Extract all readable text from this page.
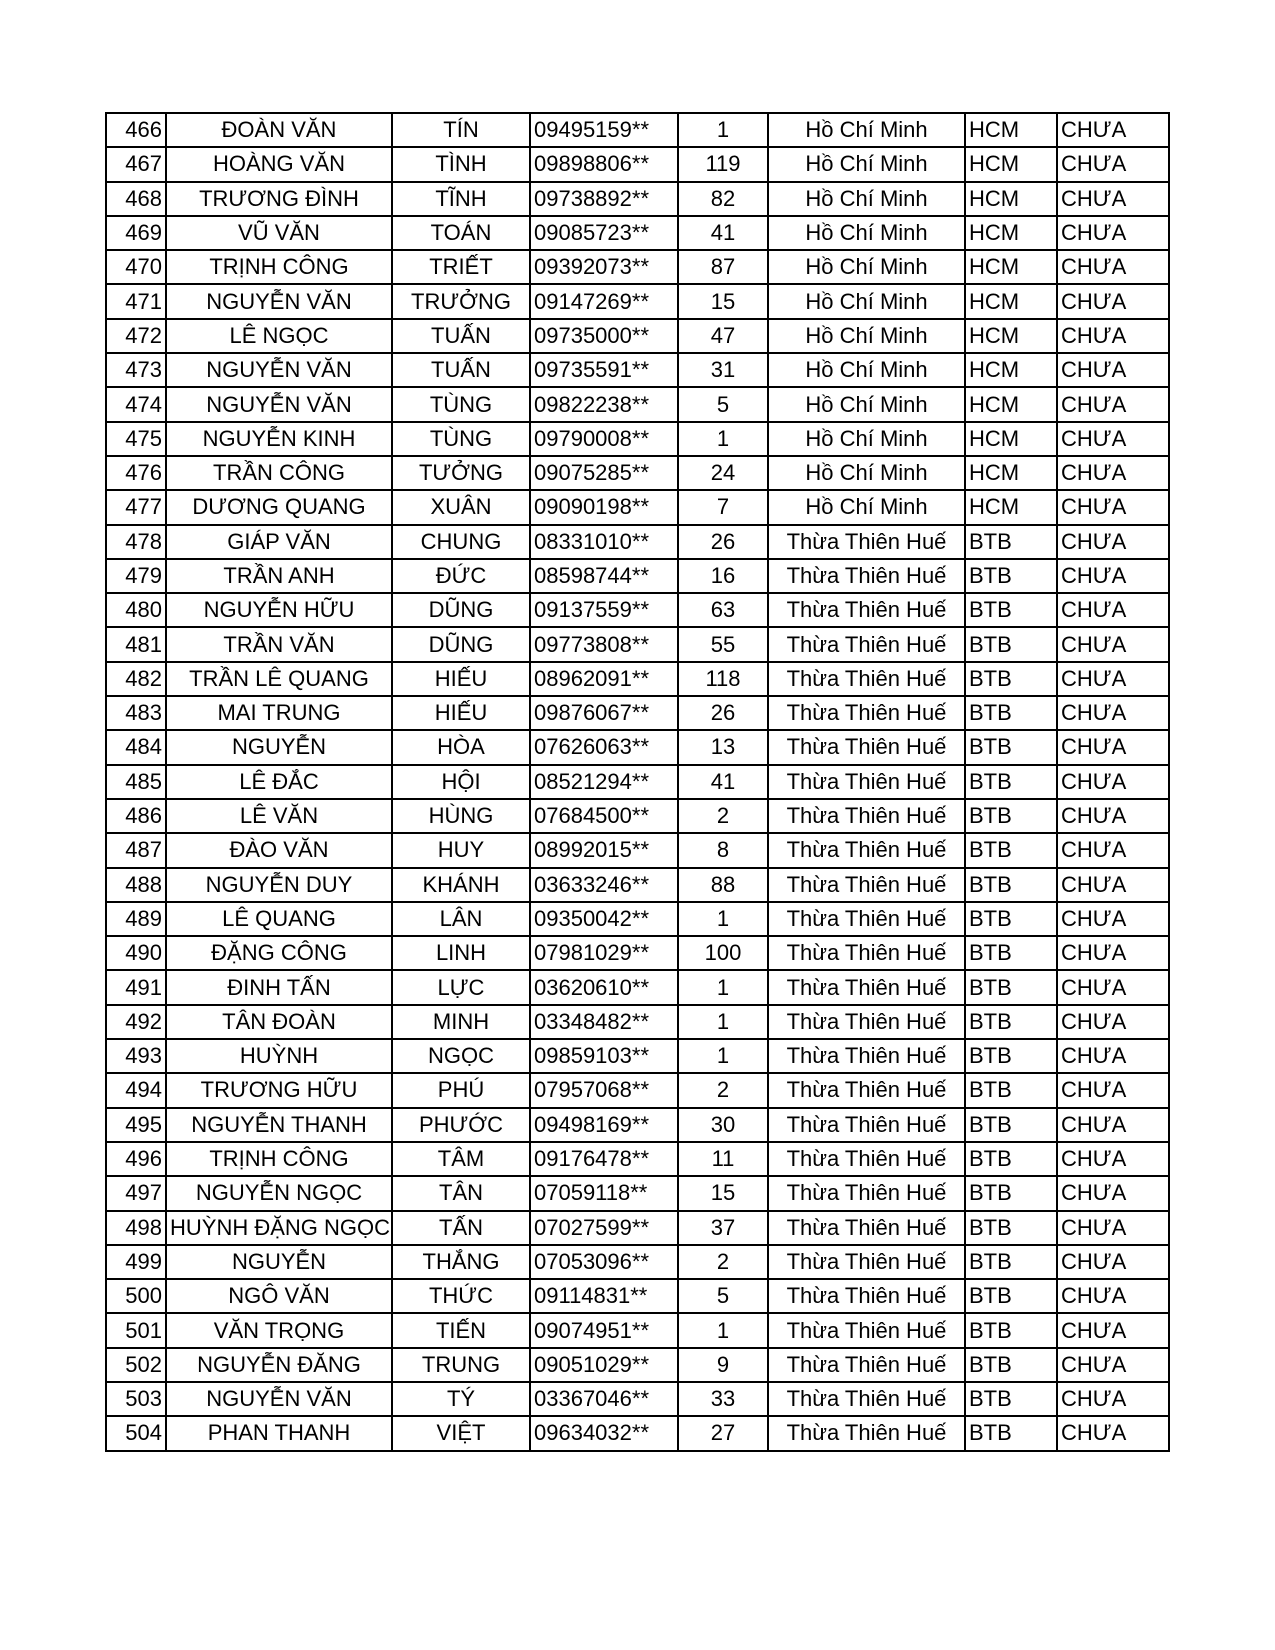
466	ĐOÀN VĂN	TÍN	09495159**	1	Hồ Chí Minh	HCM	CHƯA
467	HOÀNG VĂN	TÌNH	09898806**	119	Hồ Chí Minh	HCM	CHƯA
468	TRƯƠNG ĐÌNH	TĨNH	09738892**	82	Hồ Chí Minh	HCM	CHƯA
469	VŨ VĂN	TOÁN	09085723**	41	Hồ Chí Minh	HCM	CHƯA
470	TRỊNH CÔNG	TRIẾT	09392073**	87	Hồ Chí Minh	HCM	CHƯA
471	NGUYỄN VĂN	TRƯỞNG	09147269**	15	Hồ Chí Minh	HCM	CHƯA
472	LÊ NGỌC	TUẤN	09735000**	47	Hồ Chí Minh	HCM	CHƯA
473	NGUYỄN VĂN	TUẤN	09735591**	31	Hồ Chí Minh	HCM	CHƯA
474	NGUYỄN VĂN	TÙNG	09822238**	5	Hồ Chí Minh	HCM	CHƯA
475	NGUYỄN KINH	TÙNG	09790008**	1	Hồ Chí Minh	HCM	CHƯA
476	TRẦN CÔNG	TƯỞNG	09075285**	24	Hồ Chí Minh	HCM	CHƯA
477	DƯƠNG QUANG	XUÂN	09090198**	7	Hồ Chí Minh	HCM	CHƯA
478	GIÁP VĂN	CHUNG	08331010**	26	Thừa Thiên Huế	BTB	CHƯA
479	TRẦN ANH	ĐỨC	08598744**	16	Thừa Thiên Huế	BTB	CHƯA
480	NGUYỄN HỮU	DŨNG	09137559**	63	Thừa Thiên Huế	BTB	CHƯA
481	TRẦN VĂN	DŨNG	09773808**	55	Thừa Thiên Huế	BTB	CHƯA
482	TRẦN LÊ QUANG	HIẾU	08962091**	118	Thừa Thiên Huế	BTB	CHƯA
483	MAI TRUNG	HIẾU	09876067**	26	Thừa Thiên Huế	BTB	CHƯA
484	NGUYỄN	HÒA	07626063**	13	Thừa Thiên Huế	BTB	CHƯA
485	LÊ ĐẮC	HỘI	08521294**	41	Thừa Thiên Huế	BTB	CHƯA
486	LÊ VĂN	HÙNG	07684500**	2	Thừa Thiên Huế	BTB	CHƯA
487	ĐÀO VĂN	HUY	08992015**	8	Thừa Thiên Huế	BTB	CHƯA
488	NGUYỄN DUY	KHÁNH	03633246**	88	Thừa Thiên Huế	BTB	CHƯA
489	LÊ QUANG	LÂN	09350042**	1	Thừa Thiên Huế	BTB	CHƯA
490	ĐẶNG CÔNG	LINH	07981029**	100	Thừa Thiên Huế	BTB	CHƯA
491	ĐINH TẤN	LỰC	03620610**	1	Thừa Thiên Huế	BTB	CHƯA
492	TÂN ĐOÀN	MINH	03348482**	1	Thừa Thiên Huế	BTB	CHƯA
493	HUỲNH	NGỌC	09859103**	1	Thừa Thiên Huế	BTB	CHƯA
494	TRƯƠNG HỮU	PHÚ	07957068**	2	Thừa Thiên Huế	BTB	CHƯA
495	NGUYỄN THANH	PHƯỚC	09498169**	30	Thừa Thiên Huế	BTB	CHƯA
496	TRỊNH CÔNG	TÂM	09176478**	11	Thừa Thiên Huế	BTB	CHƯA
497	NGUYỄN NGỌC	TÂN	07059118**	15	Thừa Thiên Huế	BTB	CHƯA
498	HUỲNH ĐẶNG NGỌC	TẤN	07027599**	37	Thừa Thiên Huế	BTB	CHƯA
499	NGUYỄN	THẮNG	07053096**	2	Thừa Thiên Huế	BTB	CHƯA
500	NGÔ VĂN	THỨC	09114831**	5	Thừa Thiên Huế	BTB	CHƯA
501	VĂN TRỌNG	TIẾN	09074951**	1	Thừa Thiên Huế	BTB	CHƯA
502	NGUYỄN ĐĂNG	TRUNG	09051029**	9	Thừa Thiên Huế	BTB	CHƯA
503	NGUYỄN VĂN	TÝ	03367046**	33	Thừa Thiên Huế	BTB	CHƯA
504	PHAN THANH	VIỆT	09634032**	27	Thừa Thiên Huế	BTB	CHƯA
